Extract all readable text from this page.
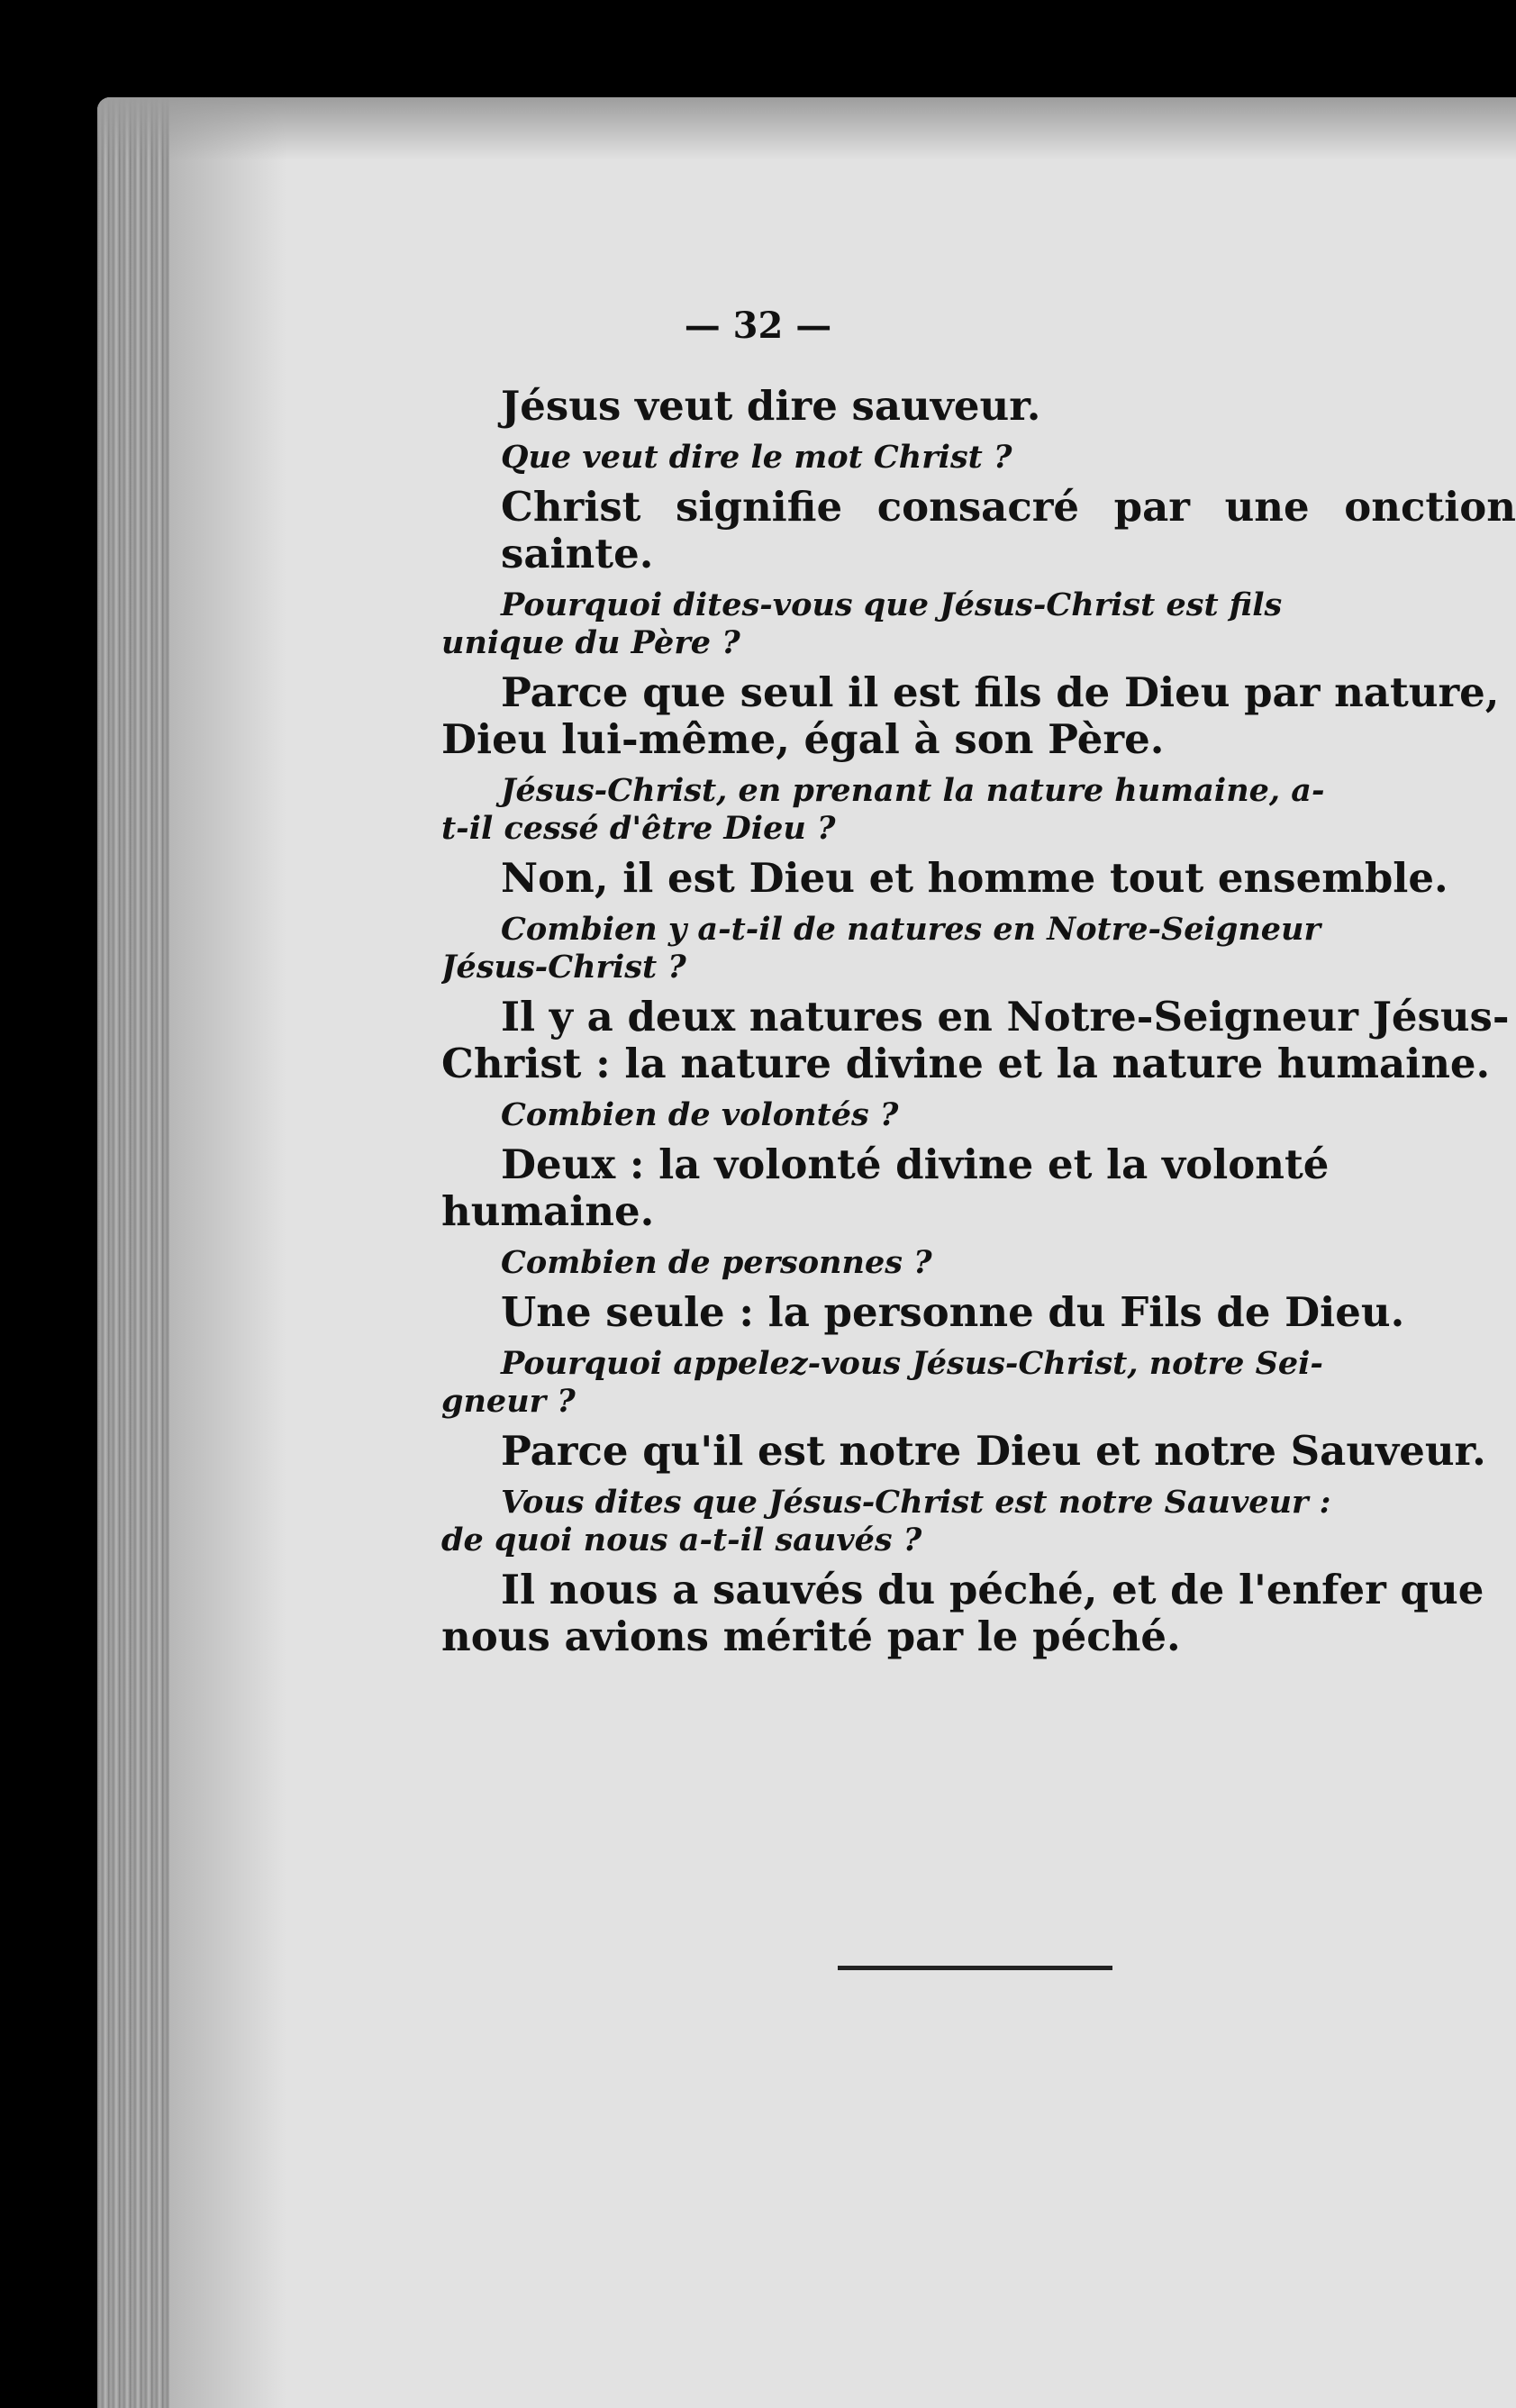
— 32 —
Jésus veut dire sauveur.
Que veut dire le mot Christ ?
Christ signifie consacré par une onction sainte.
Pourquoi dites-vous que Jésus-Christ est fils
unique du Père ?
Parce que seul il est fils de Dieu par nature,
Dieu lui-même, égal à son Père.
Jésus-Christ, en prenant la nature humaine, a-
t-il cessé d'être Dieu ?
Non, il est Dieu et homme tout ensemble.
Combien y a-t-il de natures en Notre-Seigneur
Jésus-Christ ?
Il y a deux natures en Notre-Seigneur Jésus-
Christ : la nature divine et la nature humaine.
Combien de volontés ?
Deux : la volonté divine et la volonté
humaine.
Combien de personnes ?
Une seule : la personne du Fils de Dieu.
Pourquoi appelez-vous Jésus-Christ, notre Sei-
gneur ?
Parce qu'il est notre Dieu et notre Sauveur.
Vous dites que Jésus-Christ est notre Sauveur :
de quoi nous a-t-il sauvés ?
Il nous a sauvés du péché, et de l'enfer que
nous avions mérité par le péché.
